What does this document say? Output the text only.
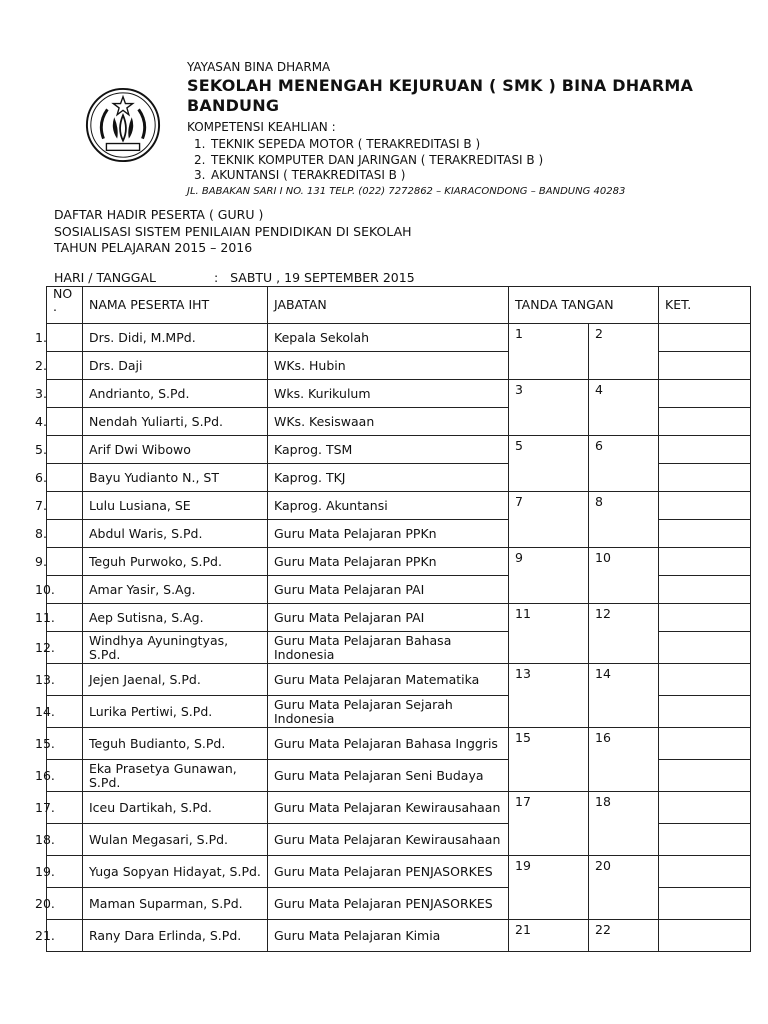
YAYASAN BINA DHARMA
SEKOLAH MENENGAH KEJURUAN ( SMK ) BINA DHARMA BANDUNG
KOMPETENSI KEAHLIAN :
1. TEKNIK SEPEDA MOTOR ( TERAKREDITASI B )
2. TEKNIK KOMPUTER DAN JARINGAN ( TERAKREDITASI B )
3. AKUNTANSI ( TERAKREDITASI B )
JL. BABAKAN SARI I NO. 131 TELP. (022) 7272862 – KIARACONDONG – BANDUNG 40283
DAFTAR HADIR PESERTA ( GURU )
SOSIALISASI SISTEM PENILAIAN PENDIDIKAN DI SEKOLAH
TAHUN PELAJARAN 2015 – 2016
HARI / TANGGAL	:   SABTU , 19 SEPTEMBER 2015
NO .	NAMA PESERTA IHT	JABATAN	TANDA TANGAN		KET.

1.	Drs. Didi, M.MPd.	Kepala Sekolah	1	2	

2.	Drs. Daji	WKs. Hubin			

3.	Andrianto, S.Pd.	Wks. Kurikulum	3	4	

4.	Nendah Yuliarti, S.Pd.	WKs. Kesiswaan			

5.	Arif Dwi Wibowo	Kaprog. TSM	5	6	

6.	Bayu Yudianto N., ST	Kaprog. TKJ			

7.	Lulu Lusiana, SE	Kaprog. Akuntansi	7	8	

8.	Abdul Waris, S.Pd.	Guru Mata Pelajaran PPKn			

9.	Teguh Purwoko, S.Pd.	Guru Mata Pelajaran PPKn	9	10	

10.	Amar Yasir, S.Ag.	Guru Mata Pelajaran PAI			

11.	Aep Sutisna, S.Ag.	Guru Mata Pelajaran PAI	11	12	

12.	Windhya Ayuningtyas, S.Pd.	Guru Mata Pelajaran Bahasa Indonesia			

13.	Jejen Jaenal, S.Pd.	Guru Mata Pelajaran Matematika	13	14	

14.	Lurika Pertiwi, S.Pd.	Guru Mata Pelajaran Sejarah Indonesia			

15.	Teguh Budianto, S.Pd.	Guru Mata Pelajaran Bahasa Inggris	15	16	

16.	Eka Prasetya Gunawan, S.Pd.	Guru Mata Pelajaran Seni Budaya			

17.	Iceu Dartikah, S.Pd.	Guru Mata Pelajaran Kewirausahaan	17	18	

18.	Wulan Megasari, S.Pd.	Guru Mata Pelajaran Kewirausahaan			

19.	Yuga Sopyan Hidayat, S.Pd.	Guru Mata Pelajaran PENJASORKES	19	20	

20.	Maman Suparman, S.Pd.	Guru Mata Pelajaran PENJASORKES			

21.	Rany Dara Erlinda, S.Pd.	Guru Mata Pelajaran Kimia	21	22	
